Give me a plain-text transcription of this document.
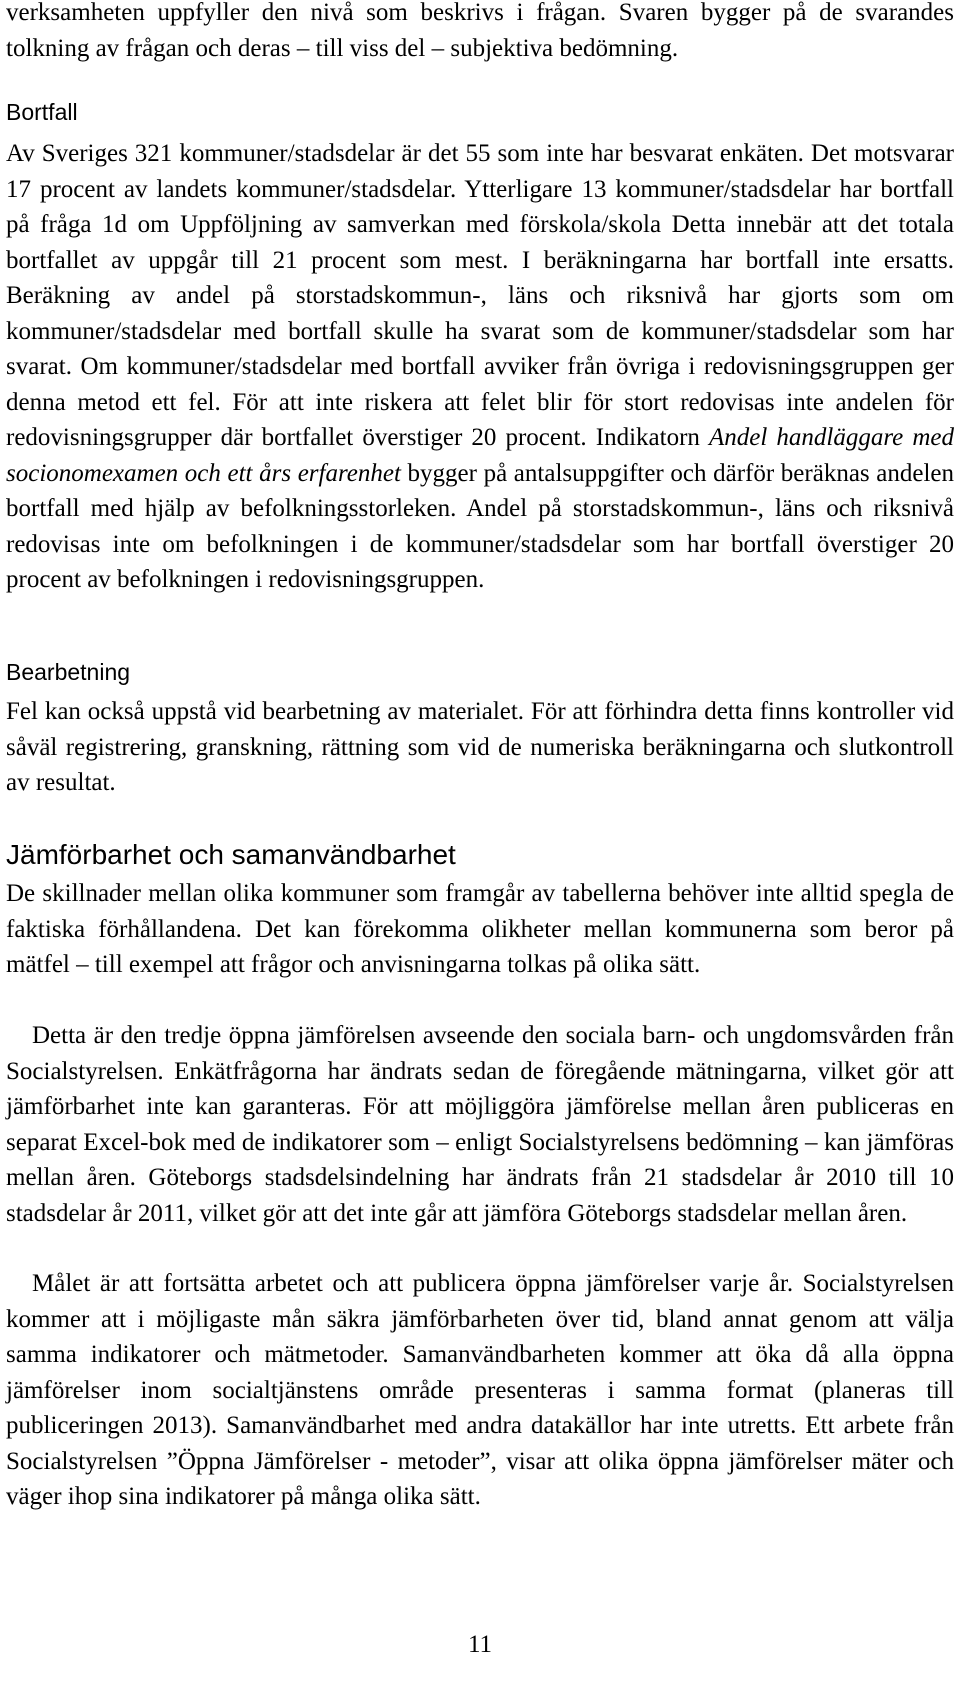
verksamheten uppfyller den nivå som beskrivs i frågan. Svaren bygger på de svarandes tolkning av frågan och deras – till viss del – subjektiva bedömning.

Bortfall

Av Sveriges 321 kommuner/stadsdelar är det 55 som inte har besvarat enkäten. Det motsvarar 17 procent av landets kommuner/stadsdelar. Ytterligare 13 kommuner/stadsdelar har bortfall på fråga 1d om Uppföljning av samverkan med förskola/skola Detta innebär att det totala bortfallet av uppgår till 21 procent som mest. I beräkningarna har bortfall inte ersatts. Beräkning av andel på storstadskommun-, läns och riksnivå har gjorts som om kommuner/stadsdelar med bortfall skulle ha svarat som de kommuner/stadsdelar som har svarat. Om kommuner/stadsdelar med bortfall avviker från övriga i redovisningsgruppen ger denna metod ett fel. För att inte riskera att felet blir för stort redovisas inte andelen för redovisningsgrupper där bortfallet överstiger 20 procent. Indikatorn Andel handläggare med socionomexamen och ett års erfarenhet bygger på antalsuppgifter och därför beräknas andelen bortfall med hjälp av befolkningsstorleken. Andel på storstadskommun-, läns och riksnivå redovisas inte om befolkningen i de kommuner/stadsdelar som har bortfall överstiger 20 procent av befolkningen i redovisningsgruppen.

Bearbetning

Fel kan också uppstå vid bearbetning av materialet. För att förhindra detta finns kontroller vid såväl registrering, granskning, rättning som vid de numeriska beräkningarna och slutkontroll av resultat.

Jämförbarhet och samanvändbarhet

De skillnader mellan olika kommuner som framgår av tabellerna behöver inte alltid spegla de faktiska förhållandena. Det kan förekomma olikheter mellan kommunerna som beror på mätfel – till exempel att frågor och anvisningarna tolkas på olika sätt.

Detta är den tredje öppna jämförelsen avseende den sociala barn- och ungdomsvården från Socialstyrelsen. Enkätfrågorna har ändrats sedan de föregående mätningarna, vilket gör att jämförbarhet inte kan garanteras. För att möjliggöra jämförelse mellan åren publiceras en separat Excel-bok med de indikatorer som – enligt Socialstyrelsens bedömning – kan jämföras mellan åren. Göteborgs stadsdelsindelning har ändrats från 21 stadsdelar år 2010 till 10 stadsdelar år 2011, vilket gör att det inte går att jämföra Göteborgs stadsdelar mellan åren.

Målet är att fortsätta arbetet och att publicera öppna jämförelser varje år. Socialstyrelsen kommer att i möjligaste mån säkra jämförbarheten över tid, bland annat genom att välja samma indikatorer och mätmetoder. Samanvändbarheten kommer att öka då alla öppna jämförelser inom socialtjänstens område presenteras i samma format (planeras till publiceringen 2013). Samanvändbarhet med andra datakällor har inte utretts. Ett arbete från Socialstyrelsen ”Öppna Jämförelser - metoder”, visar att olika öppna jämförelser mäter och väger ihop sina indikatorer på många olika sätt.

11
